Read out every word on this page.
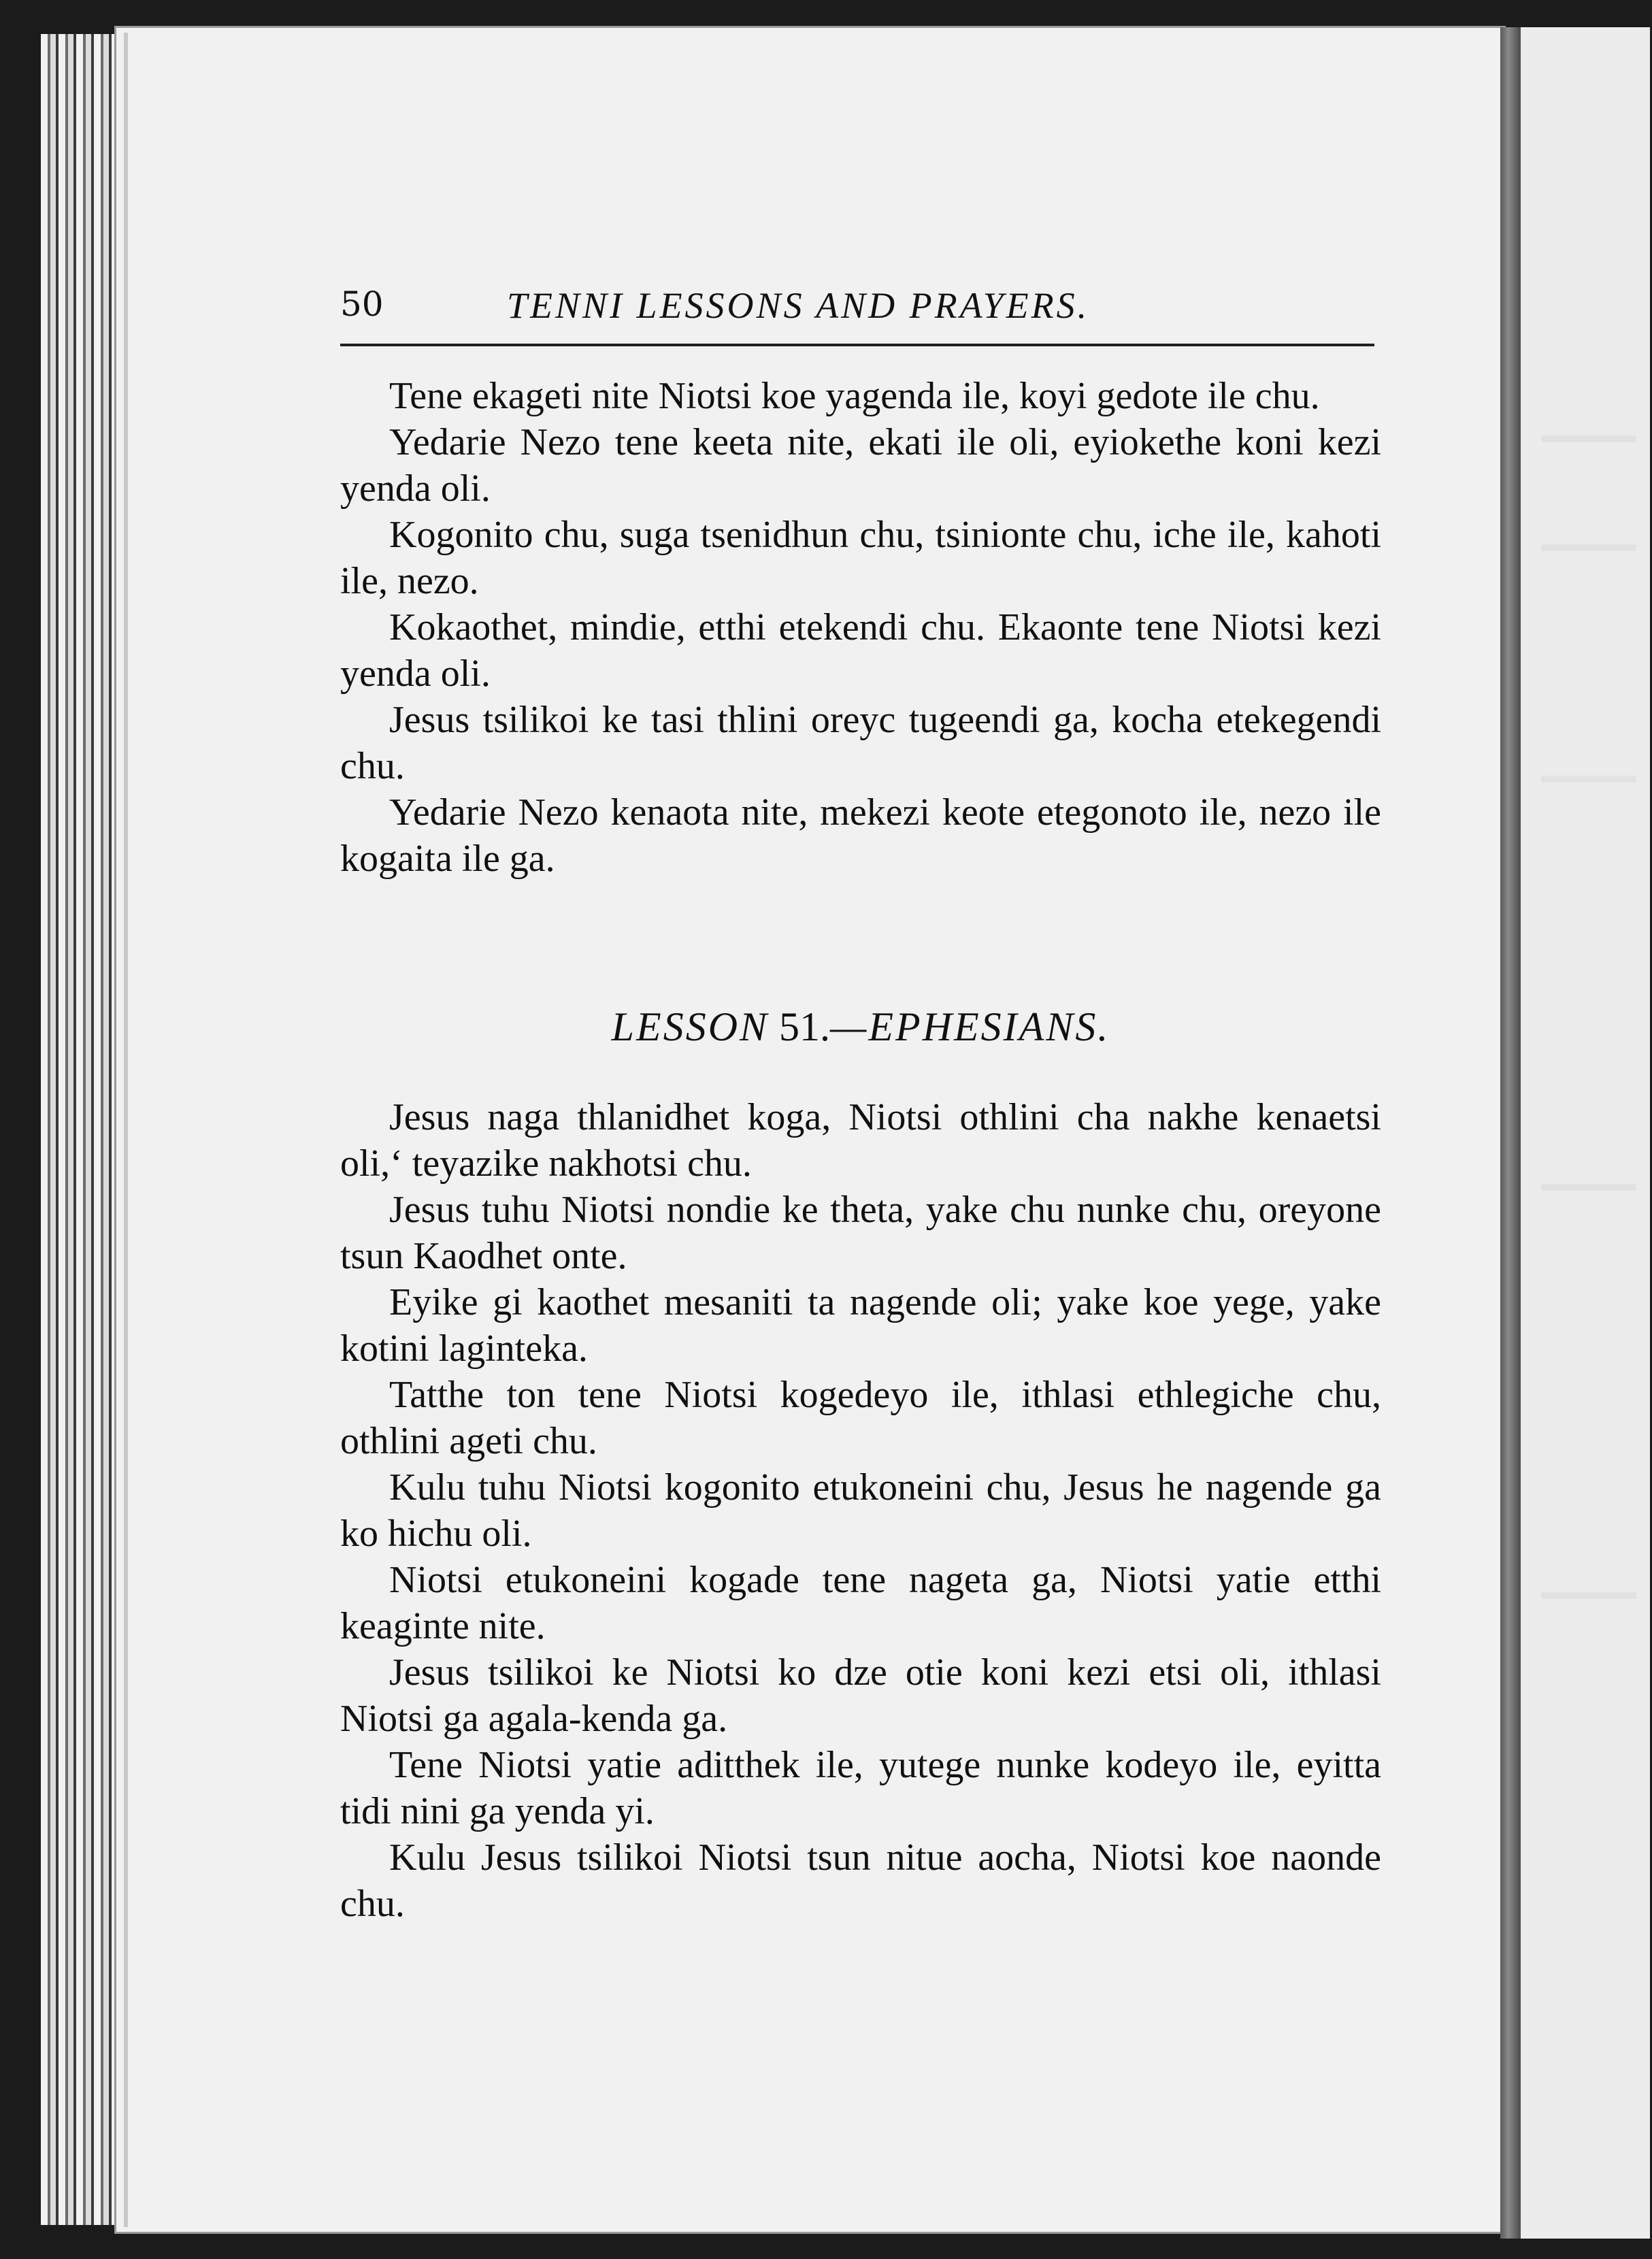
50	TENNI LESSONS AND PRAYERS.

Tene ekageti nite Niotsi koe yagenda ile, koyi gedote ile chu.

Yedarie Nezo tene keeta nite, ekati ile oli, eyiokethe koni kezi yenda oli.

Kogonito chu, suga tsenidhun chu, tsinionte chu, iche ile, kahoti ile, nezo.

Kokaothet, mindie, etthi etekendi chu. Ekaonte tene Niotsi kezi yenda oli.

Jesus tsilikoi ke tasi thlini oreyс tugeendi ga, kocha etekegendi chu.

Yedarie Nezo kenaota nite, mekezi keote etegonoto ile, nezo ile kogaita ile ga.

LESSON 51.—EPHESIANS.

Jesus naga thlanidhet koga, Niotsi othlini cha nakhe kenaetsi oli,ʻ teyazike nakhotsi chu.

Jesus tuhu Niotsi nondie ke theta, yake chu nunke chu, oreyone tsun Kaodhet onte.

Eyike gi kaothet mesaniti ta nagende oli; yake koe yege, yake kotini laginteka.

Tatthe ton tene Niotsi kogedeyo ile, ithlasi ethlegiche chu, othlini ageti chu.

Kulu tuhu Niotsi kogonito etukoneini chu, Jesus he nagende ga ko hichu oli.

Niotsi etukoneini kogade tene nageta ga, Niotsi yatie etthi keaginte nite.

Jesus tsilikoi ke Niotsi ko dze otie koni kezi etsi oli, ithlasi Niotsi ga agala-kenda ga.

Tene Niotsi yatie aditthek ile, yutege nunke kodeyo ile, eyitta tidi nini ga yenda yi.

Kulu Jesus tsilikoi Niotsi tsun nitue aocha, Niotsi koe naonde chu.
